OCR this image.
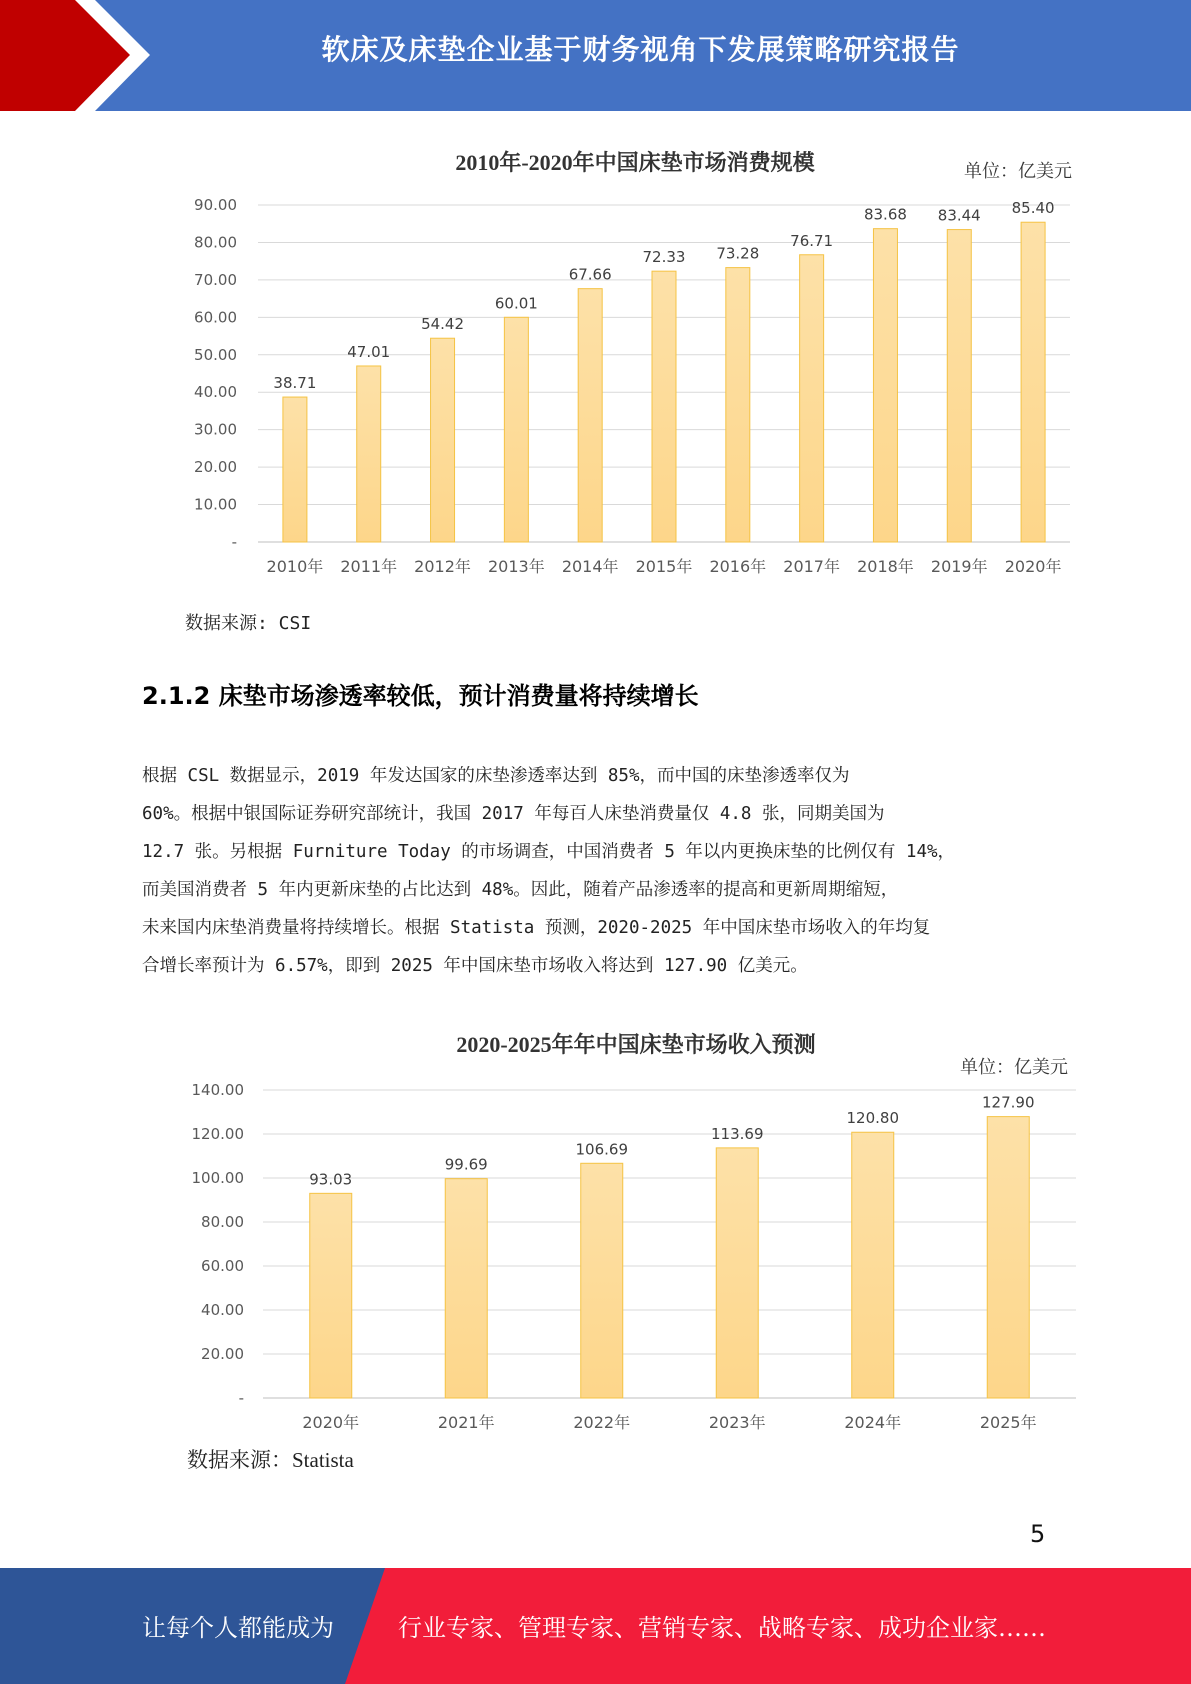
软床及床垫企业基于财务视角下发展策略研究报告
2010年-2020年中国床垫市场消费规模	单位：亿美元
-
10.00
20.00
30.00
40.00
50.00
60.00
70.00
80.00
90.00
38.71
2010年
47.01
2011年
54.42
2012年
60.01
2013年
67.66
2014年
72.33
2015年
73.28
2016年
76.71
2017年
83.68
2018年
83.44
2019年
85.40
2020年
数据来源: CSI
2.1.2 床垫市场渗透率较低，预计消费量将持续增长
根据 CSL 数据显示，2019 年发达国家的床垫渗透率达到 85%，而中国的床垫渗透率仅为
60%。根据中银国际证券研究部统计，我国 2017 年每百人床垫消费量仅 4.8 张，同期美国为
12.7 张。另根据 Furniture Today 的市场调查，中国消费者 5 年以内更换床垫的比例仅有 14%，
而美国消费者 5 年内更新床垫的占比达到 48%。因此，随着产品渗透率的提高和更新周期缩短，
未来国内床垫消费量将持续增长。根据 Statista 预测，2020-2025 年中国床垫市场收入的年均复
合增长率预计为 6.57%，即到 2025 年中国床垫市场收入将达到 127.90 亿美元。
2020-2025年年中国床垫市场收入预测
单位：亿美元
-
20.00
40.00
60.00
80.00
100.00
120.00
140.00
93.03
2020年
99.69
2021年
106.69
2022年
113.69
2023年
120.80
2024年
127.90
2025年
数据来源：Statista
5
让每个人都能成为	行业专家、管理专家、营销专家、战略专家、成功企业家……
